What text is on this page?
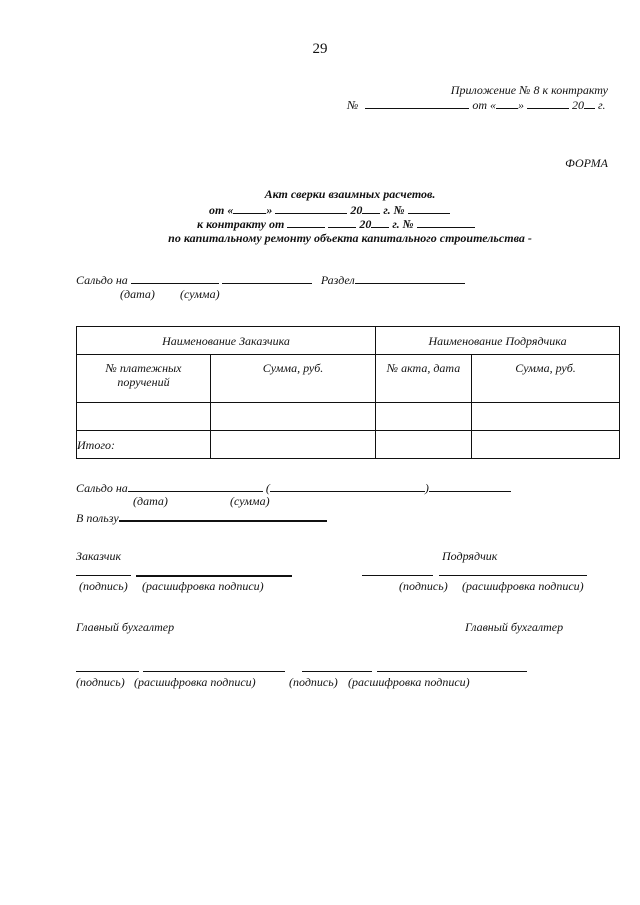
29
Приложение № 8 к контракту
№	от « »	20 г.
ФОРМА
Акт сверки взаимных расчетов.
от «	»	20 г. №
к контракту от	20 г. №
по капитальному ремонту объекта капитального строительства -
Сальдо на	Раздел
(дата) (сумма)
Наименование Заказчика		Наименование Подрядчика	
№ платежных поручений	Сумма, руб.	№ акта, дата	Сумма, руб.

Итого:			
Сальдо на	(	)
(дата)	(сумма)
В пользу
Заказчик	Подрядчик
(подпись) (расшифровка подписи)	(подпись) (расшифровка подписи)
Главный бухгалтер	Главный бухгалтер
(подпись) (расшифровка подписи)	(подпись) (расшифровка подписи)
